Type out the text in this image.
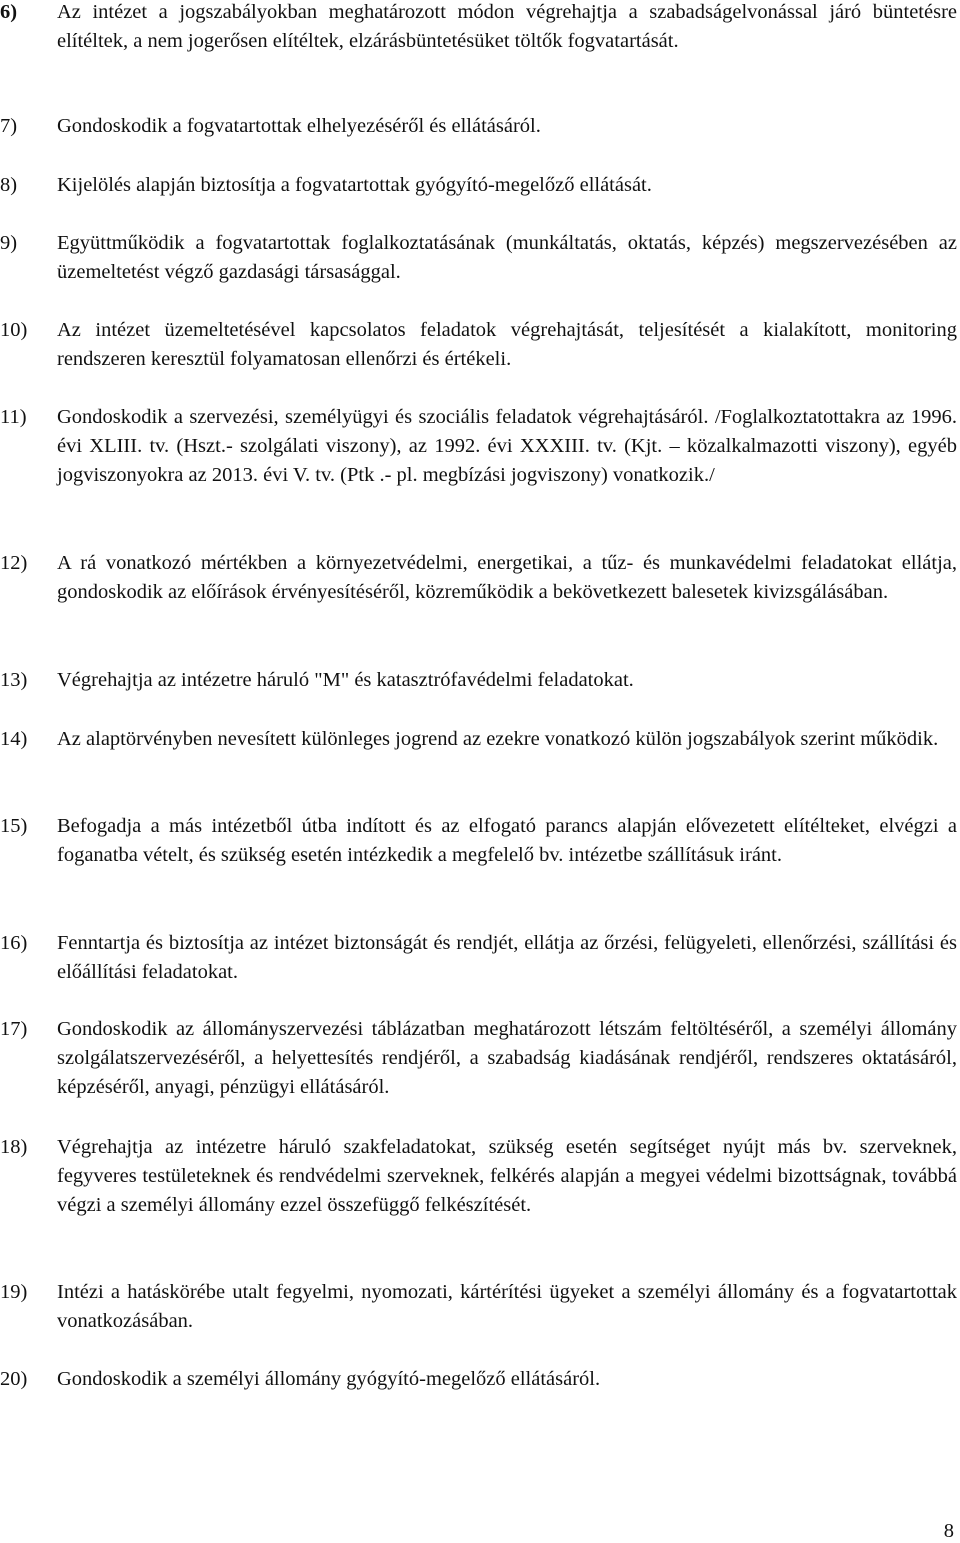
6)	Az intézet a jogszabályokban meghatározott módon végrehajtja a szabadságelvonással járó büntetésre elítéltek, a nem jogerősen elítéltek, elzárásbüntetésüket töltők fogvatartását.
7)	Gondoskodik a fogvatartottak elhelyezéséről és ellátásáról.
8)	Kijelölés alapján biztosítja a fogvatartottak gyógyító-megelőző ellátását.
9)	Együttműködik a fogvatartottak foglalkoztatásának (munkáltatás, oktatás, képzés) megszervezésében az üzemeltetést végző gazdasági társasággal.
10)	Az intézet üzemeltetésével kapcsolatos feladatok végrehajtását, teljesítését a kialakított, monitoring rendszeren keresztül folyamatosan ellenőrzi és értékeli.
11)	Gondoskodik a szervezési, személyügyi és szociális feladatok végrehajtásáról. /Foglalkoztatottakra az 1996. évi XLIII. tv. (Hszt.- szolgálati viszony), az 1992. évi XXXIII. tv. (Kjt. – közalkalmazotti viszony), egyéb jogviszonyokra az 2013. évi V. tv. (Ptk .- pl. megbízási jogviszony) vonatkozik./
12)	A rá vonatkozó mértékben a környezetvédelmi, energetikai, a tűz- és munkavédelmi feladatokat ellátja, gondoskodik az előírások érvényesítéséről, közreműködik a bekövetkezett balesetek kivizsgálásában.
13)	Végrehajtja az intézetre háruló "M" és katasztrófavédelmi feladatokat.
14)	Az alaptörvényben nevesített különleges jogrend az ezekre vonatkozó külön jogszabályok szerint működik.
15)	Befogadja a más intézetből útba indított és az elfogató parancs alapján elővezetett elítélteket, elvégzi a foganatba vételt, és szükség esetén intézkedik a megfelelő bv. intézetbe szállításuk iránt.
16)	Fenntartja és biztosítja az intézet biztonságát és rendjét, ellátja az őrzési, felügyeleti, ellenőrzési, szállítási és előállítási feladatokat.
17)	Gondoskodik az állományszervezési táblázatban meghatározott létszám feltöltéséről, a személyi állomány szolgálatszervezéséről, a helyettesítés rendjéről, a szabadság kiadásának rendjéről, rendszeres oktatásáról, képzéséről, anyagi, pénzügyi ellátásáról.
18)	Végrehajtja az intézetre háruló szakfeladatokat, szükség esetén segítséget nyújt más bv. szerveknek, fegyveres testületeknek és rendvédelmi szerveknek, felkérés alapján a megyei védelmi bizottságnak, továbbá végzi a személyi állomány ezzel összefüggő felkészítését.
19)	Intézi a hatáskörébe utalt fegyelmi, nyomozati, kártérítési ügyeket a személyi állomány és a fogvatartottak vonatkozásában.
20)	Gondoskodik a személyi állomány gyógyító-megelőző ellátásáról.
8
